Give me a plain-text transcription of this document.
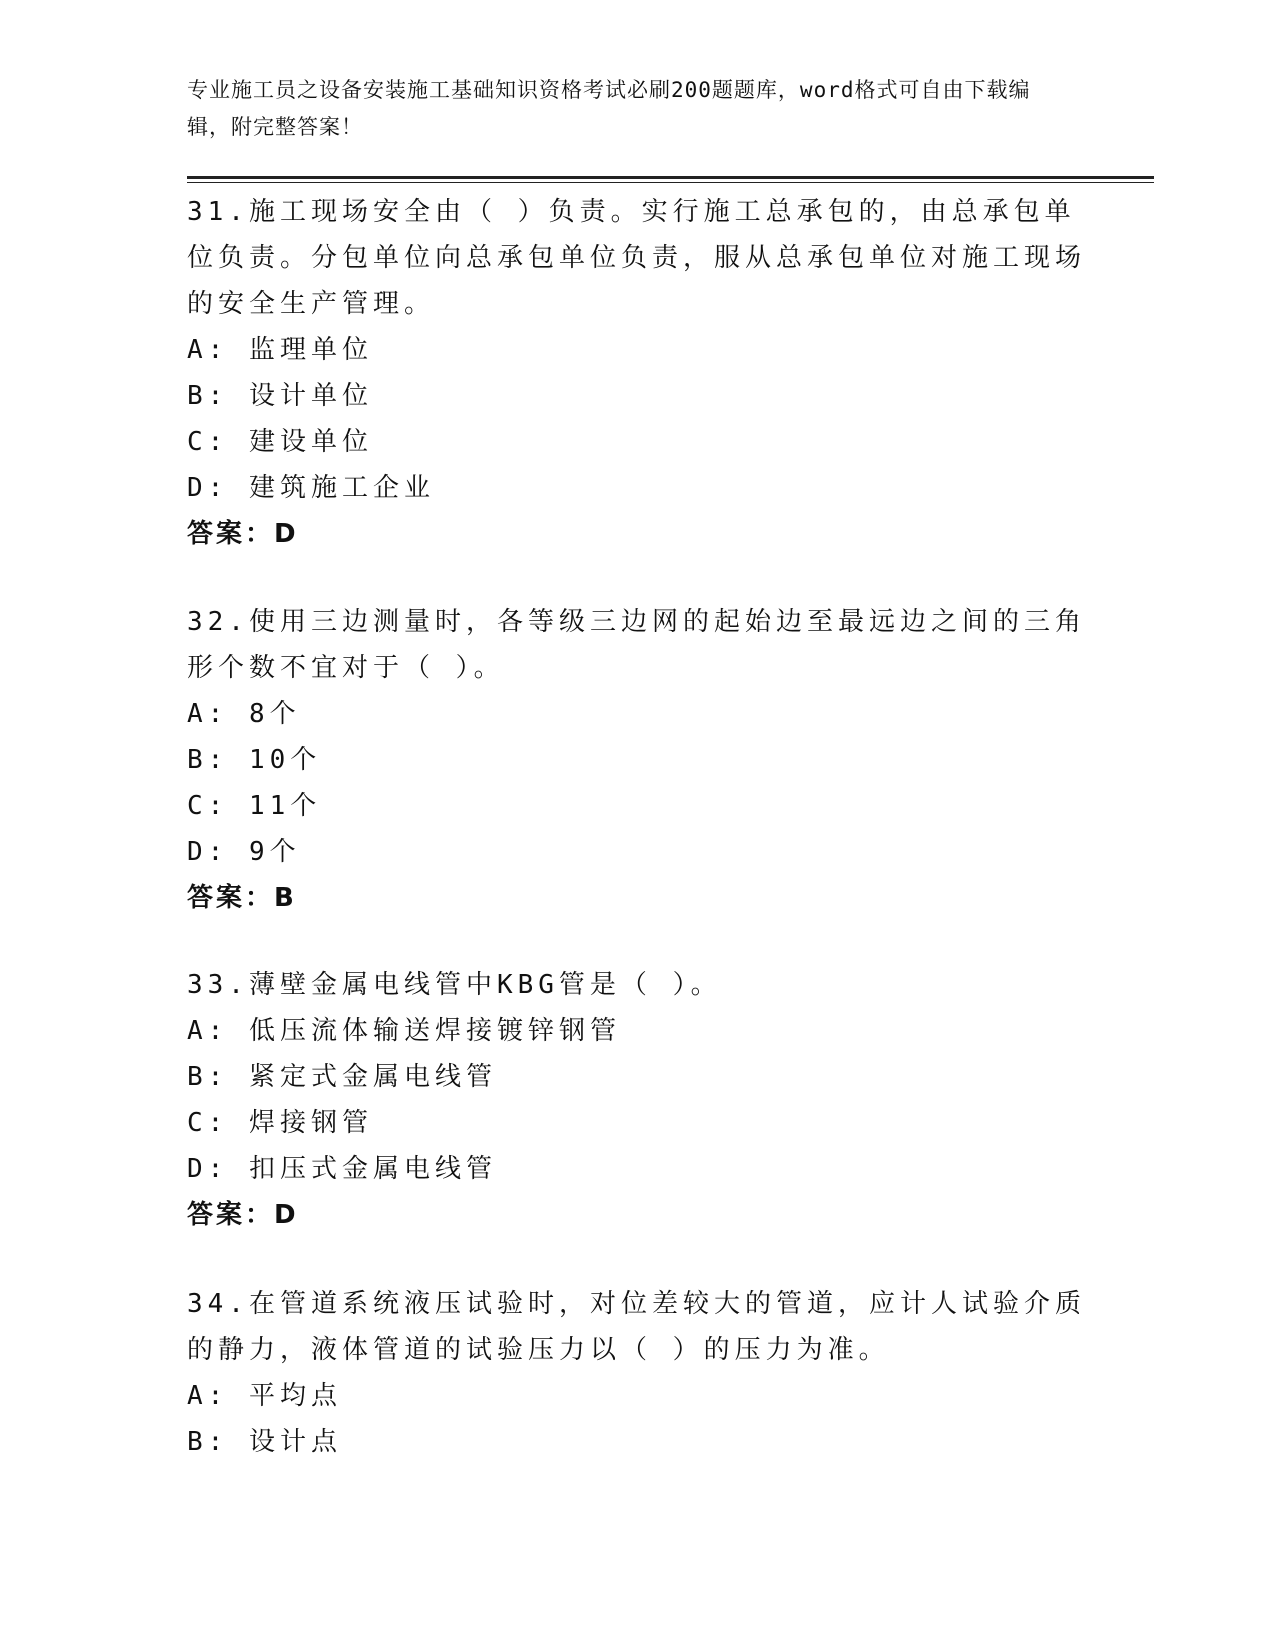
专业施工员之设备安装施工基础知识资格考试必刷200题题库，word格式可自由下载编辑，附完整答案！
31.施工现场安全由（ ）负责。实行施工总承包的，由总承包单位负责。分包单位向总承包单位负责，服从总承包单位对施工现场的安全生产管理。
A: 监理单位
B: 设计单位
C: 建设单位
D: 建筑施工企业
答案：D
32.使用三边测量时，各等级三边网的起始边至最远边之间的三角形个数不宜对于（ ）。
A: 8个
B: 10个
C: 11个
D: 9个
答案：B
33.薄壁金属电线管中KBG管是（ ）。
A: 低压流体输送焊接镀锌钢管
B: 紧定式金属电线管
C: 焊接钢管
D: 扣压式金属电线管
答案：D
34.在管道系统液压试验时，对位差较大的管道，应计人试验介质的静力，液体管道的试验压力以（ ）的压力为准。
A: 平均点
B: 设计点
